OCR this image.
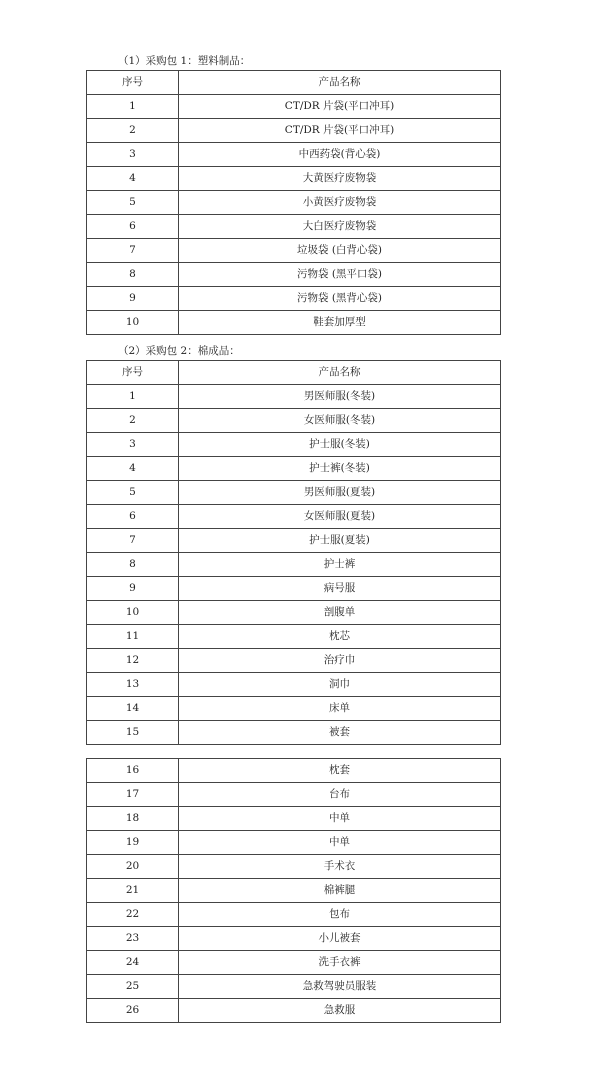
（1）采购包 1：塑料制品：
序号	产品名称
1	CT/DR 片袋(平口冲耳)
2	CT/DR 片袋(平口冲耳)
3	中西药袋(背心袋)
4	大黄医疗废物袋
5	小黄医疗废物袋
6	大白医疗废物袋
7	垃圾袋 (白背心袋)
8	污物袋 (黑平口袋)
9	污物袋 (黑背心袋)
10	鞋套加厚型
（2）采购包 2：棉成品：
序号	产品名称
1	男医师服(冬装)
2	女医师服(冬装)
3	护士服(冬装)
4	护士裤(冬装)
5	男医师服(夏装)
6	女医师服(夏装)
7	护士服(夏装)
8	护士裤
9	病号服
10	剖腹单
11	枕芯
12	治疗巾
13	洞巾
14	床单
15	被套
16	枕套
17	台布
18	中单
19	中单
20	手术衣
21	棉裤腿
22	包布
23	小儿被套
24	洗手衣裤
25	急救驾驶员服装
26	急救服
